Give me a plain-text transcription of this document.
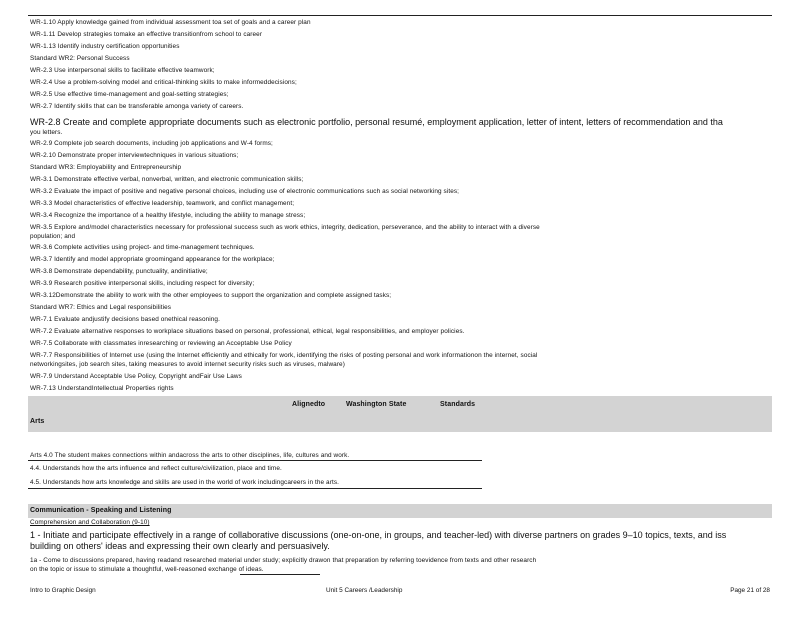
WR-1.10 Apply knowledge gained from individual assessment toa set of goals and a career plan
WR-1.11 Develop strategies tomake an effective transitionfrom school to career
WR-1.13 Identify industry certification opportunities
Standard WR2: Personal Success
WR-2.3 Use interpersonal skills to facilitate effective teamwork;
WR-2.4 Use a problem-solving model and critical-thinking skills to make informeddecisions;
WR-2.5 Use effective time-management and goal-setting strategies;
WR-2.7 Identify skills that can be transferable amonga variety of careers.
WR-2.8 Create and complete appropriate documents such as electronic portfolio, personal resumé, employment application, letter of intent, letters of recommendation and tha
you letters.
WR-2.9 Complete job search documents, including job applications and W-4 forms;
WR-2.10 Demonstrate proper interviewtechniques in various situations;
Standard WR3: Employability and Entrepreneurship
WR-3.1 Demonstrate effective verbal, nonverbal, written, and electronic communication skills;
WR-3.2 Evaluate the impact of positive and negative personal choices, including use of electronic communications such as social networking sites;
WR-3.3 Model characteristics of effective leadership, teamwork, and conflict management;
WR-3.4 Recognize the importance of a healthy lifestyle, including the ability to manage stress;
WR-3.5 Explore and/model characteristics necessary for professional success such as work ethics, integrity, dedication, perseverance, and the ability to interact with a diverse
population; and
WR-3.6 Complete activities using project- and time-management techniques.
WR-3.7 Identify and model appropriate groomingand appearance for the workplace;
WR-3.8 Demonstrate dependability, punctuality, andinitiative;
WR-3.9 Research positive interpersonal skills, including respect for diversity;
WR-3.12Demonstrate the ability to work with the other employees to support the organization and complete assigned tasks;
Standard WR7: Ethics and Legal responsibilities
WR-7.1 Evaluate andjustify decisions based onethical reasoning.
WR-7.2 Evaluate alternative responses to workplace situations based on personal, professional, ethical, legal responsibilities, and employer policies.
WR-7.5 Collaborate with classmates inresearching or reviewing an Acceptable Use Policy
WR-7.7 Responsibilities of Internet use (using the Internet efficiently and ethically for work, identifying the risks of posting personal and work informationon the internet, social
networkingsites, job search sites, taking measures to avoid internet security risks such as viruses, malware)
WR-7.9 Understand Acceptable Use Policy, Copyright andFair Use Laws
WR-7.13 UnderstandIntellectual Properties rights
Alignedto	Washington State	Standards
Arts
Arts 4.0 The student makes connections within andacross the arts to other disciplines, life, cultures and work.
4.4. Understands how the arts influence and reflect culture/civilization, place and time.
4.5. Understands how arts knowledge and skills are used in the world of work includingcareers in the arts.
Communication - Speaking and Listening
Comprehension and Collaboration (9-10)
1 - Initiate and participate effectively in a range of collaborative discussions (one-on-one, in groups, and teacher-led) with diverse partners on grades 9–10 topics, texts, and iss
building on others' ideas and expressing their own clearly and persuasively.
1a - Come to discussions prepared, having readand researched material under study; explicitly drawon that preparation by referring toevidence from texts and other research
on the topic or issue to stimulate a thoughtful, well-reasoned exchange of ideas.
Intro to Graphic Design	Unit 5 Careers /Leadership	Page 21 of 28
